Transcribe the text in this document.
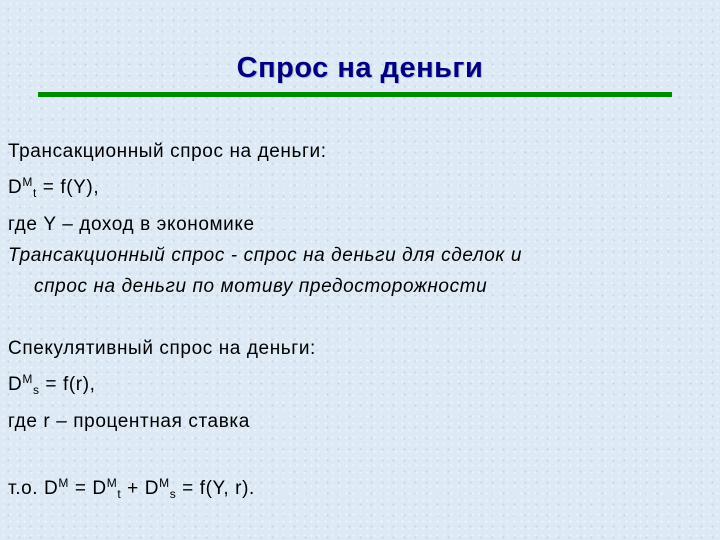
Спрос на деньги
Трансакционный спрос на деньги:
$D^M_t = f(Y)$,
где Y – доход в экономике
Трансакционный спрос - спрос на деньги для сделок и
спрос на деньги по мотиву предосторожности
Спекулятивный спрос на деньги:
$D^M_s = f(r)$,
где r – процентная ставка
т.о. $D^M = D^M_t + D^M_s = f(Y$, r).
